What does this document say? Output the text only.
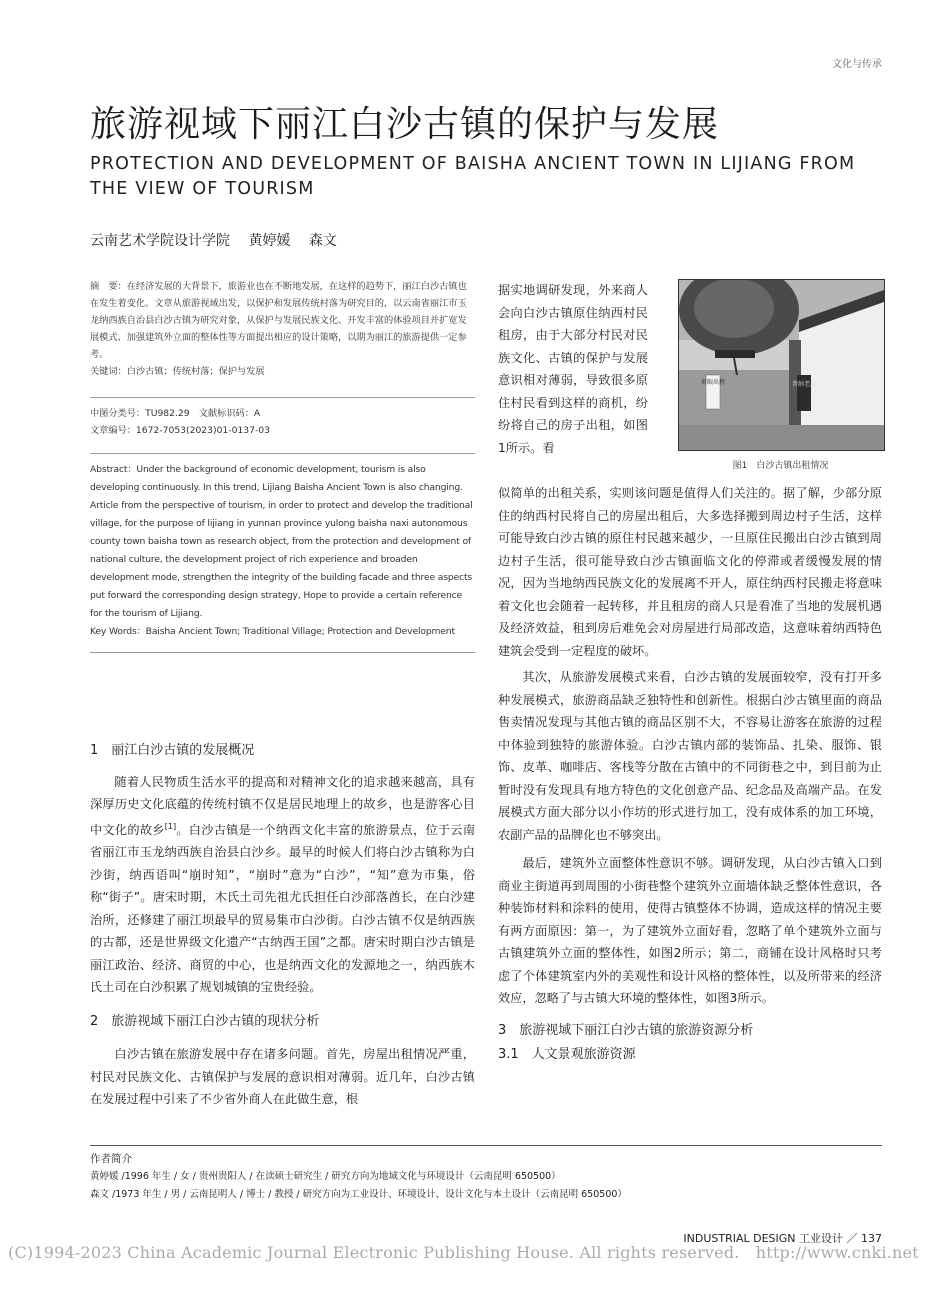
文化与传承
旅游视域下丽江白沙古镇的保护与发展

PROTECTION AND DEVELOPMENT OF BAISHA ANCIENT TOWN IN LIJIANG FROM THE VIEW OF TOURISM

云南艺术学院设计学院 黄婷媛 森文
摘　要：在经济发展的大背景下，旅游业也在不断地发展，在这样的趋势下，丽江白沙古镇也在发生着变化。文章从旅游视域出发，以保护和发展传统村落为研究目的，以云南省丽江市玉龙纳西族自治县白沙古镇为研究对象，从保护与发展民族文化、开发丰富的体验项目并扩宽发展模式、加强建筑外立面的整体性等方面提出相应的设计策略，以期为丽江的旅游提供一定参考。
关键词：白沙古镇；传统村落；保护与发展
中图分类号：TU982.29　文献标识码：A
文章编号：1672-7053(2023)01-0137-03
Abstract：Under the background of economic development, tourism is also developing continuously. In this trend, Lijiang Baisha Ancient Town is also changing. Article from the perspective of tourism, in order to protect and develop the traditional village, for the purpose of lijiang in yunnan province yulong baisha naxi autonomous county town baisha town as research object, from the protection and development of national culture, the development project of rich experience and broaden development mode, strengthen the integrity of the building facade and three aspects put forward the corresponding design strategy, Hope to provide a certain reference for the tourism of Lijiang.
Key Words：Baisha Ancient Town; Traditional Village; Protection and Development

1　丽江白沙古镇的发展概况

随着人民物质生活水平的提高和对精神文化的追求越来越高，具有深厚历史文化底蕴的传统村镇不仅是居民地理上的故乡，也是游客心目中文化的故乡[1]。白沙古镇是一个纳西文化丰富的旅游景点，位于云南省丽江市玉龙纳西族自治县白沙乡。最早的时候人们将白沙古镇称为白沙街，纳西语叫“崩时知”，“崩时”意为“白沙”，“知”意为市集，俗称“街子”。唐宋时期，木氏土司先祖尤氏担任白沙部落酋长，在白沙建治所，还修建了丽江坝最早的贸易集市白沙街。白沙古镇不仅是纳西族的古都，还是世界级文化遗产“古纳西王国”之都。唐宋时期白沙古镇是丽江政治、经济、商贸的中心，也是纳西文化的发源地之一，纳西族木氏土司在白沙积累了规划城镇的宝贵经验。

2　旅游视域下丽江白沙古镇的现状分析

白沙古镇在旅游发展中存在诸多问题。首先，房屋出租情况严重，村民对民族文化、古镇保护与发展的意识相对薄弱。近几年，白沙古镇在发展过程中引来了不少省外商人在此做生意，根

据实地调研发现，外来商人会向白沙古镇原住纳西村民租房，由于大部分村民对民族文化、古镇的保护与发展意识相对薄弱，导致很多原住村民看到这样的商机，纷纷将自己的房子出租，如图1所示。看
眉眼出租	普纳老店
图1　白沙古镇出租情况

似简单的出租关系，实则该问题是值得人们关注的。据了解，少部分原住的纳西村民将自己的房屋出租后，大多选择搬到周边村子生活，这样可能导致白沙古镇的原住村民越来越少，一旦原住民搬出白沙古镇到周边村子生活，很可能导致白沙古镇面临文化的停滞或者缓慢发展的情况，因为当地纳西民族文化的发展离不开人，原住纳西村民搬走将意味着文化也会随着一起转移，并且租房的商人只是看准了当地的发展机遇及经济效益，租到房后难免会对房屋进行局部改造，这意味着纳西特色建筑会受到一定程度的破坏。

其次，从旅游发展模式来看，白沙古镇的发展面较窄，没有打开多种发展模式，旅游商品缺乏独特性和创新性。根据白沙古镇里面的商品售卖情况发现与其他古镇的商品区别不大，不容易让游客在旅游的过程中体验到独特的旅游体验。白沙古镇内部的装饰品、扎染、服饰、银饰、皮革、咖啡店、客栈等分散在古镇中的不同街巷之中，到目前为止暂时没有发现具有地方特色的文化创意产品、纪念品及高端产品。在发展模式方面大部分以小作坊的形式进行加工，没有成体系的加工环境，农副产品的品牌化也不够突出。

最后，建筑外立面整体性意识不够。调研发现，从白沙古镇入口到商业主街道再到周围的小街巷整个建筑外立面墙体缺乏整体性意识，各种装饰材料和涂料的使用，使得古镇整体不协调，造成这样的情况主要有两方面原因：第一，为了建筑外立面好看，忽略了单个建筑外立面与古镇建筑外立面的整体性，如图2所示；第二，商铺在设计风格时只考虑了个体建筑室内外的美观性和设计风格的整体性，以及所带来的经济效应，忽略了与古镇大环境的整体性，如图3所示。

3　旅游视域下丽江白沙古镇的旅游资源分析

3.1　人文景观旅游资源

作者简介
黄婷媛 /1996 年生 / 女 / 贵州贵阳人 / 在读硕士研究生 / 研究方向为地域文化与环境设计（云南昆明 650500）
森文 /1973 年生 / 男 / 云南昆明人 / 博士 / 教授 / 研究方向为工业设计、环境设计、设计文化与本土设计（云南昆明 650500）
INDUSTRIAL DESIGN 工业设计 ／ 137
(C)1994-2023 China Academic Journal Electronic Publishing House. All rights reserved.　http://www.cnki.net
